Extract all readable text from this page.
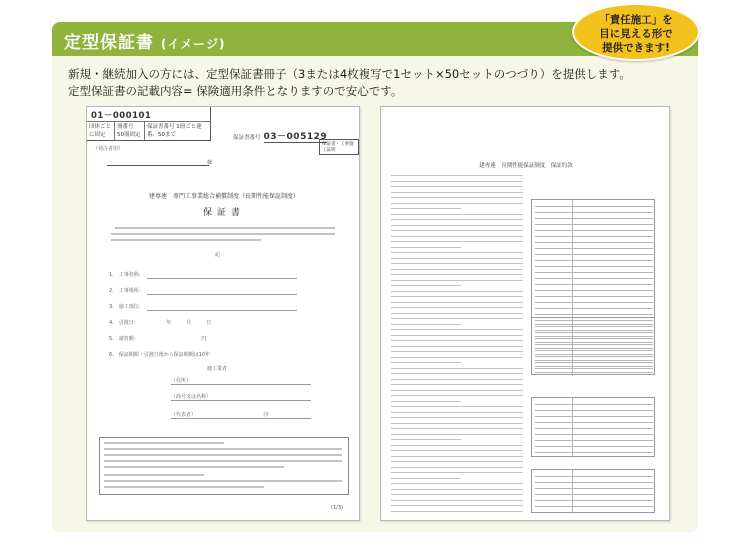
定型保証書 (イメージ)
「責任施工」を
目に見える形で
提供できます!

新規・継続加入の方には、定型保証書冊子（3または4枚複写で1セット×50セットのつづり）を提供します。

定型保証書の記載内容= 保険適用条件となりますので安心です。

01－000101
団体ごと に固定
冊番号 50冊固定
保証書番号 1冊ごと連番、50まで	保証書番号 03－005129
保証書・工事施工証明
（発注者用）
様
建専連　専門工事業総合補償制度（長期性能保証制度）
保証書
記
1.　工事名称：
2.　工事場所：
3.　施工部位：
4.　引渡日：　　　　　　年　　　月　　　日
5.　請負額：　　　　　　　　　　　　　円
6.　保証期間・引渡日後から保証期間は10年
施工業者
（住所）
（商号又は名称）
（代表者）　　　　　　　　　　　　　　㊞
(1/3)
建専連　長期性能保証制度　保証約款
